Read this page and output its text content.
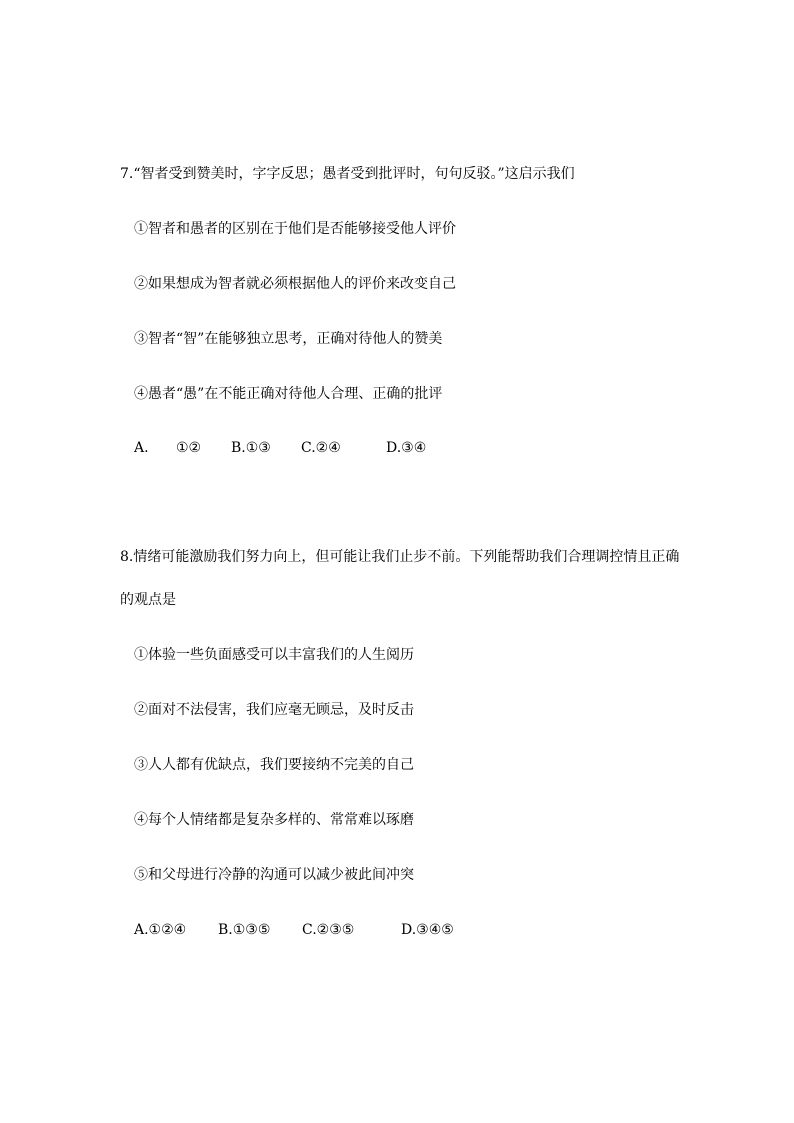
7.“智者受到赞美时，字字反思；愚者受到批评时，句句反驳。”这启示我们
①智者和愚者的区别在于他们是否能够接受他人评价
②如果想成为智者就必须根据他人的评价来改变自己
③智者“智”在能够独立思考，正确对待他人的赞美
④愚者“愚”在不能正确对待他人合理、正确的批评
A. ①② B.①③ C.②④	D.③④
8.情绪可能激励我们努力向上，但可能让我们止步不前。下列能帮助我们合理调控情且正确
的观点是
①体验一些负面感受可以丰富我们的人生阅历
②面对不法侵害，我们应毫无顾忌，及时反击
③人人都有优缺点，我们要接纳不完美的自己
④每个人情绪都是复杂多样的、常常难以琢磨
⑤和父母进行冷静的沟通可以减少被此间冲突
A.①②④ B.①③⑤ C.②③⑤	D.③④⑤
